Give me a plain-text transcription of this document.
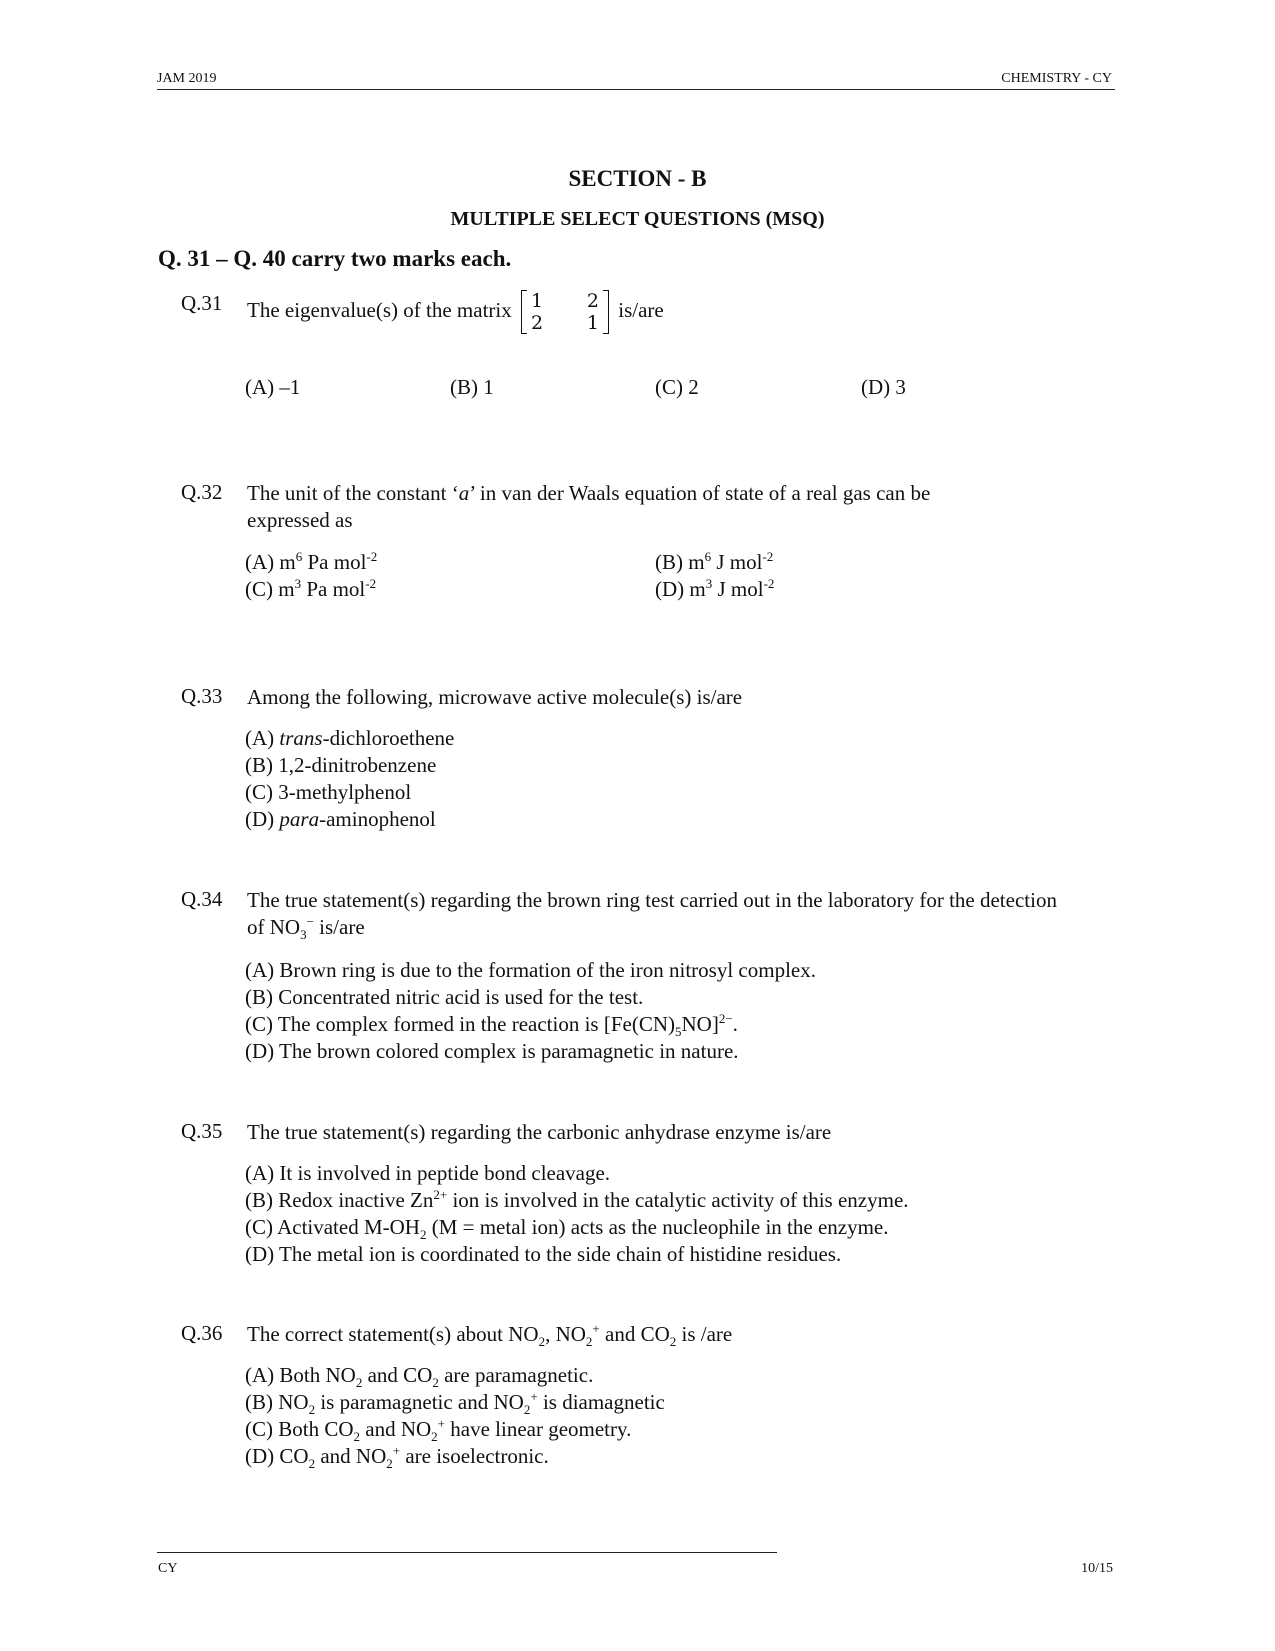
JAM 2019	CHEMISTRY - CY
SECTION - B
MULTIPLE SELECT QUESTIONS (MSQ)
Q. 31 – Q. 40 carry two marks each.
Q.31 The eigenvalue(s) of the matrix 1	2
2	1
is/are
(A) –1	(B) 1	(C) 2	(D) 3
Q.32 The unit of the constant ‘a’ in van der Waals equation of state of a real gas can be expressed as
(A) $m^6$ Pa mol$^{-2}$	(B) $m^6$ J mol$^{-2}$
(C) $m^3$ Pa mol$^{-2}$	(D) $m^3$ J mol$^{-2}$
Q.33 Among the following, microwave active molecule(s) is/are
(A) trans-dichloroethene
(B) 1,2-dinitrobenzene
(C) 3-methylphenol
(D) para-aminophenol
Q.34 The true statement(s) regarding the brown ring test carried out in the laboratory for the detection of $NO_3^-$ is/are
(A) Brown ring is due to the formation of the iron nitrosyl complex.
(B) Concentrated nitric acid is used for the test.
(C) The complex formed in the reaction is $[Fe(CN)_5NO]^{2-}$.
(D) The brown colored complex is paramagnetic in nature.
Q.35 The true statement(s) regarding the carbonic anhydrase enzyme is/are
(A) It is involved in peptide bond cleavage.
(B) Redox inactive $Zn^{2+}$ ion is involved in the catalytic activity of this enzyme.
(C) Activated $M-OH_2$ (M = metal ion) acts as the nucleophile in the enzyme.
(D) The metal ion is coordinated to the side chain of histidine residues.
Q.36 The correct statement(s) about $NO_2$, $NO_2^+$ and $CO_2$ is /are
(A) Both $NO_2$ and $CO_2$ are paramagnetic.
(B) $NO_2$ is paramagnetic and $NO_2^+$ is diamagnetic
(C) Both $CO_2$ and $NO_2^+$ have linear geometry.
(D) $CO_2$ and $NO_2^+$ are isoelectronic.
CY	10/15
